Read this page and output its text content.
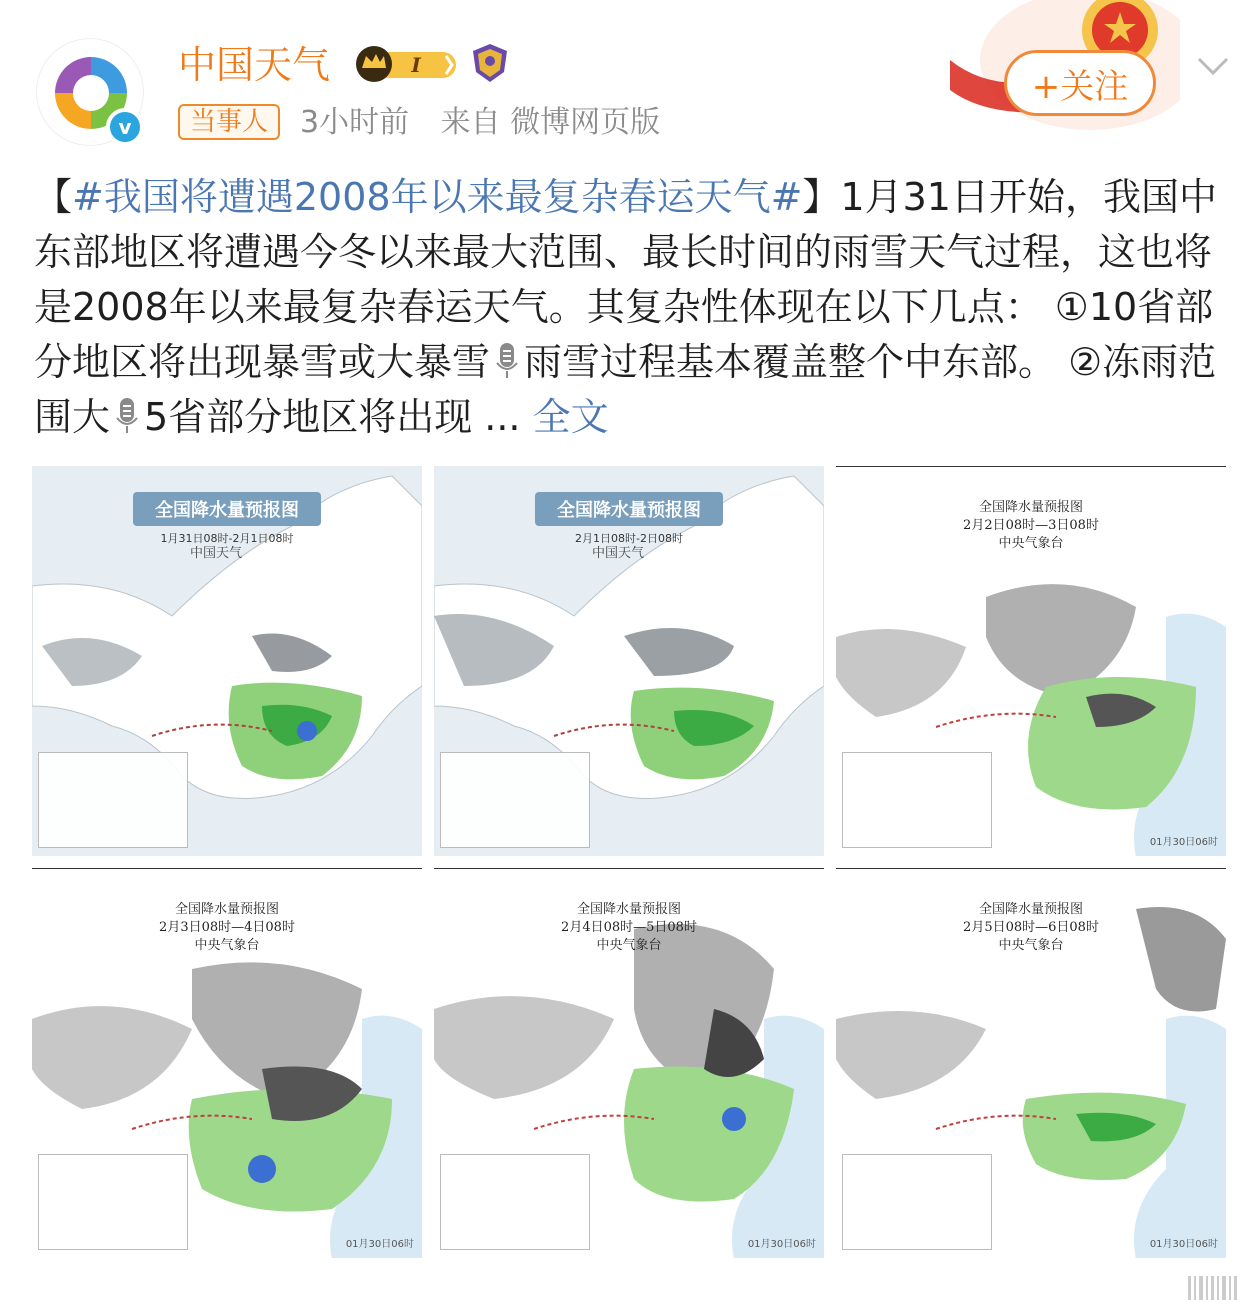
v
中国天气	I
当事人	3小时前 来自 微博网页版
+关注
【#我国将遭遇2008年以来最复杂春运天气#】1月31日开始，我国中东部地区将遭遇今冬以来最大范围、最长时间的雨雪天气过程，这也将是2008年以来最复杂春运天气。其复杂性体现在以下几点： ①10省部分地区将出现暴雪或大暴雪 雨雪过程基本覆盖整个中东部。 ②冻雨范围大 5省部分地区将出现 ... 全文
全国降水量预报图
1月31日08时-2月1日08时
中国天气
全国降水量预报图
2月1日08时-2日08时
中国天气
全国降水量预报图
2月2日08时—3日08时
中央气象台
01月30日06时
全国降水量预报图
2月3日08时—4日08时
中央气象台
01月30日06时
全国降水量预报图
2月4日08时—5日08时
中央气象台
01月30日06时
全国降水量预报图
2月5日08时—6日08时
中央气象台
01月30日06时
